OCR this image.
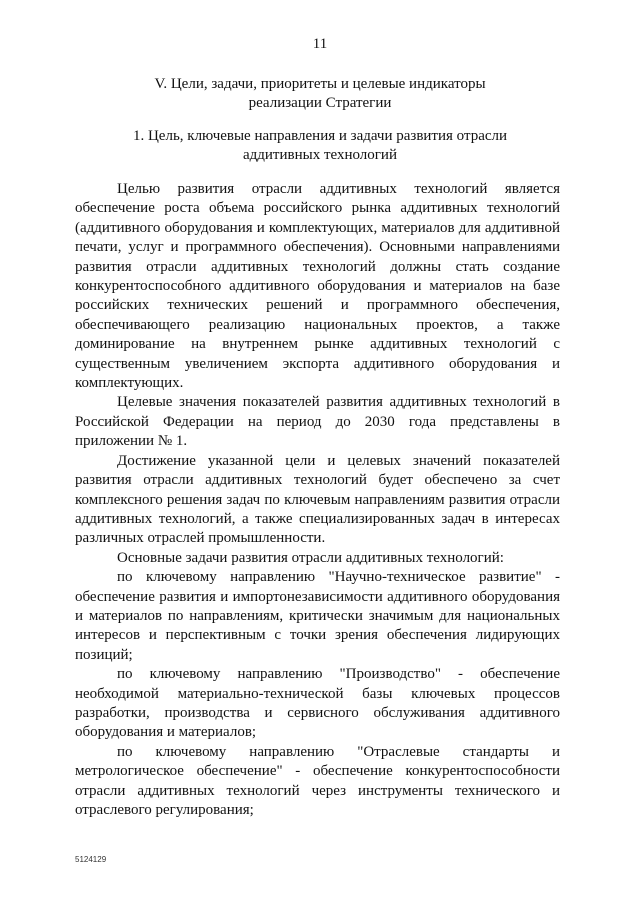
11
V. Цели, задачи, приоритеты и целевые индикаторы
реализации Стратегии
1. Цель, ключевые направления и задачи развития отрасли
аддитивных технологий

Целью развития отрасли аддитивных технологий является обеспечение роста объема российского рынка аддитивных технологий (аддитивного оборудования и комплектующих, материалов для аддитивной печати, услуг и программного обеспечения). Основными направлениями развития отрасли аддитивных технологий должны стать создание конкурентоспособного аддитивного оборудования и материалов на базе российских технических решений и программного обеспечения, обеспечивающего реализацию национальных проектов, а также доминирование на внутреннем рынке аддитивных технологий с существенным увеличением экспорта аддитивного оборудования и комплектующих.

Целевые значения показателей развития аддитивных технологий в Российской Федерации на период до 2030 года представлены в приложении № 1.

Достижение указанной цели и целевых значений показателей развития отрасли аддитивных технологий будет обеспечено за счет комплексного решения задач по ключевым направлениям развития отрасли аддитивных технологий, а также специализированных задач в интересах различных отраслей промышленности.

Основные задачи развития отрасли аддитивных технологий:

по ключевому направлению "Научно-техническое развитие" - обеспечение развития и импортонезависимости аддитивного оборудования и материалов по направлениям, критически значимым для национальных интересов и перспективным с точки зрения обеспечения лидирующих позиций;

по ключевому направлению "Производство" - обеспечение необходимой материально-технической базы ключевых процессов разработки, производства и сервисного обслуживания аддитивного оборудования и материалов;

по ключевому направлению "Отраслевые стандарты и метрологическое обеспечение" - обеспечение конкурентоспособности отрасли аддитивных технологий через инструменты технического и отраслевого регулирования;

5124129
